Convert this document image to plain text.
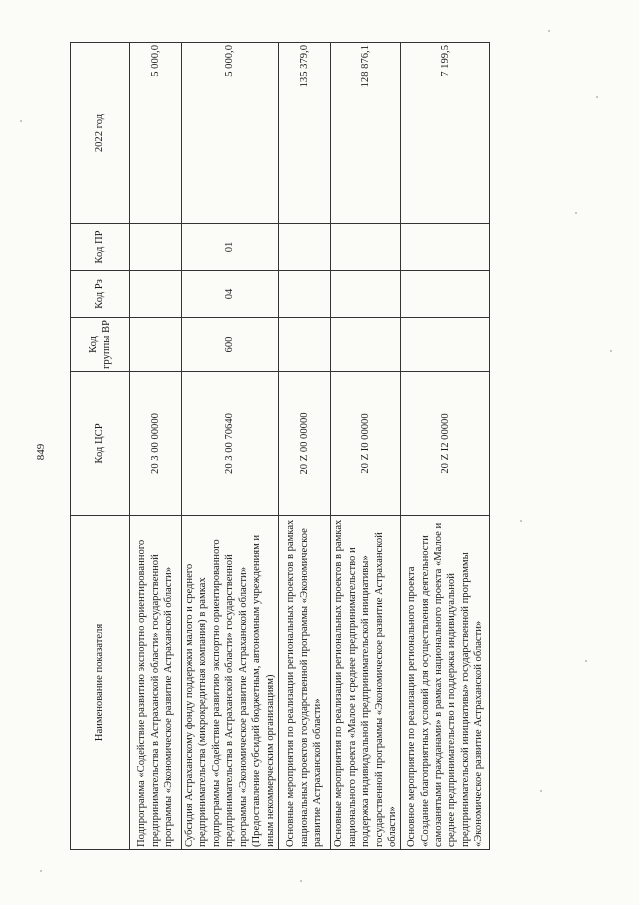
849
Наименование показателя	Код ЦСР	Код группы ВР	Код Рз	Код ПР	2022 год
Подпрограмма «Содействие развитию экспортно ориентированного предпринимательства в Астраханской области» государственной программы «Экономическое развитие Астраханской области»	20 3 00 00000				5 000,0
Субсидия Астраханскому фонду поддержки малого и среднего предпринимательства (микрокредитная компания) в рамках подпрограммы «Содействие развитию экспортно ориентированного предпринимательства в Астраханской области» государственной программы «Экономическое развитие Астраханской области» (Предоставление субсидий бюджетным, автономным учреждениям и иным некоммерческим организациям)	20 3 00 70640	600	04	01	5 000,0
Основные мероприятия по реализации региональных проектов в рамках национальных проектов государственной программы «Экономическое развитие Астраханской области»	20 Z 00 00000				135 379,0
Основные мероприятия по реализации региональных проектов в рамках национального проекта «Малое и среднее предпринимательство и поддержка индивидуальной предпринимательской инициативы» государственной программы «Экономическое развитие Астраханской области»	20 Z I0 00000				128 876,1
Основное мероприятие по реализации регионального проекта «Создание благоприятных условий для осуществления деятельности самозанятыми гражданами» в рамках национального проекта «Малое и среднее предпринимательство и поддержка индивидуальной предпринимательской инициативы» государственной программы «Экономическое развитие Астраханской области»	20 Z I2 00000				7 199,5
